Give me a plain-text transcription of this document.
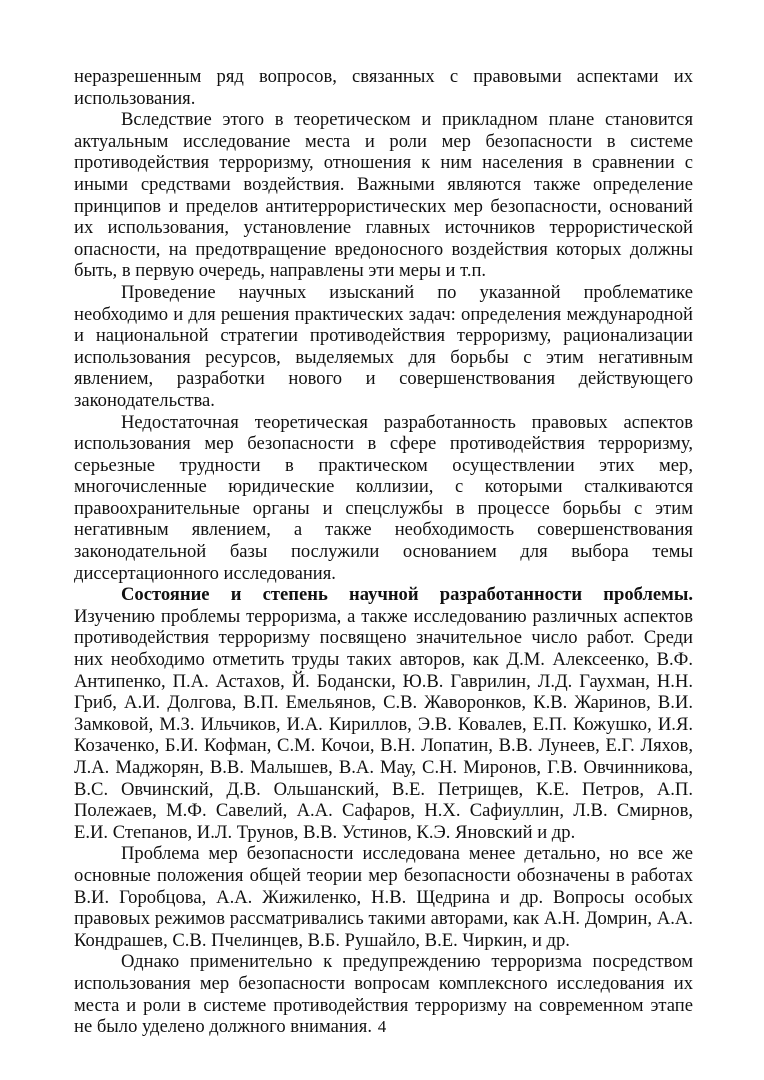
неразрешенным ряд вопросов, связанных с правовыми аспектами их использования.

Вследствие этого в теоретическом и прикладном плане становится актуальным исследование места и роли мер безопасности в системе противодействия терроризму, отношения к ним населения в сравнении с иными средствами воздействия. Важными являются также определение принципов и пределов антитеррористических мер безопасности, оснований их использования, установление главных источников террористической опасности, на предотвращение вредоносного воздействия которых должны быть, в первую очередь, направлены эти меры и т.п.

Проведение научных изысканий по указанной проблематике необходимо и для решения практических задач: определения международной и национальной стратегии противодействия терроризму, рационализации использования ресурсов, выделяемых для борьбы с этим негативным явлением, разработки нового и совершенствования действующего законодательства.

Недостаточная теоретическая разработанность правовых аспектов использования мер безопасности в сфере противодействия терроризму, серьезные трудности в практическом осуществлении этих мер, многочисленные юридические коллизии, с которыми сталкиваются правоохранительные органы и спецслужбы в процессе борьбы с этим негативным явлением, а также необходимость совершенствования законодательной базы послужили основанием для выбора темы диссертационного исследования.

Состояние и степень научной разработанности проблемы. Изучению проблемы терроризма, а также исследованию различных аспектов противодействия терроризму посвящено значительное число работ. Среди них необходимо отметить труды таких авторов, как Д.М. Алексеенко, В.Ф. Антипенко, П.А. Астахов, Й. Бодански, Ю.В. Гаврилин, Л.Д. Гаухман, Н.Н. Гриб, А.И. Долгова, В.П. Емельянов, С.В. Жаворонков, К.В. Жаринов, В.И. Замковой, М.З. Ильчиков, И.А. Кириллов, Э.В. Ковалев, Е.П. Кожушко, И.Я. Козаченко, Б.И. Кофман, С.М. Кочои, В.Н. Лопатин, В.В. Лунеев, Е.Г. Ляхов, Л.А. Маджорян, В.В. Малышев, В.А. Мау, С.Н. Миронов, Г.В. Овчинникова, В.С. Овчинский, Д.В. Ольшанский, В.Е. Петрищев, К.Е. Петров, А.П. Полежаев, М.Ф. Савелий, А.А. Сафаров, Н.Х. Сафиуллин, Л.В. Смирнов, Е.И. Степанов, И.Л. Трунов, В.В. Устинов, К.Э. Яновский и др.

Проблема мер безопасности исследована менее детально, но все же основные положения общей теории мер безопасности обозначены в работах В.И. Горобцова, А.А. Жижиленко, Н.В. Щедрина и др. Вопросы особых правовых режимов рассматривались такими авторами, как А.Н. Домрин, А.А. Кондрашев, С.В. Пчелинцев, В.Б. Рушайло, В.Е. Чиркин, и др.

Однако применительно к предупреждению терроризма посредством использования мер безопасности вопросам комплексного исследования их места и роли в системе противодействия терроризму на современном этапе не было уделено должного внимания. 4
